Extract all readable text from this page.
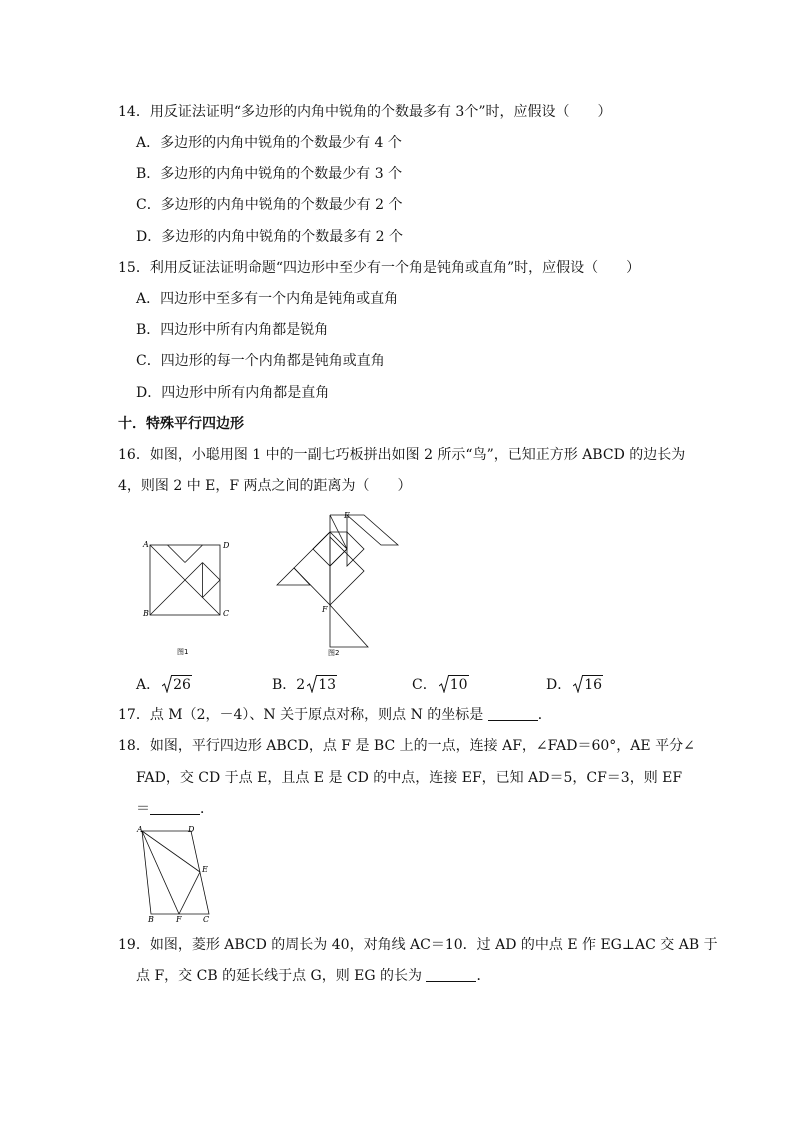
14．用反证法证明“多边形的内角中锐角的个数最多有 3个”时，应假设（　　）
A．多边形的内角中锐角的个数最少有 4 个
B．多边形的内角中锐角的个数最少有 3 个
C．多边形的内角中锐角的个数最少有 2 个
D．多边形的内角中锐角的个数最多有 2 个
15．利用反证法证明命题“四边形中至少有一个角是钝角或直角”时，应假设（　　）
A．四边形中至多有一个内角是钝角或直角
B．四边形中所有内角都是锐角
C．四边形的每一个内角都是钝角或直角
D．四边形中所有内角都是直角
十．特殊平行四边形
16．如图，小聪用图 1 中的一副七巧板拼出如图 2 所示“鸟”，已知正方形 ABCD 的边长为
4，则图 2 中 E，F 两点之间的距离为（　　）
A	D
B	C
图1
E
F
图2
A． 26	B．2 13	C． 10	D． 16
17．点 M（2，－4）、N 关于原点对称，则点 N 的坐标是	．
18．如图，平行四边形 ABCD，点 F 是 BC 上的一点，连接 AF，∠FAD＝60°，AE 平分∠
FAD，交 CD 于点 E，且点 E 是 CD 的中点，连接 EF，已知 AD＝5，CF＝3，则 EF
＝	．
A	D
E
B	F	C
19．如图，菱形 ABCD 的周长为 40，对角线 AC＝10．过 AD 的中点 E 作 EG⊥AC 交 AB 于
点 F，交 CB 的延长线于点 G，则 EG 的长为	．
